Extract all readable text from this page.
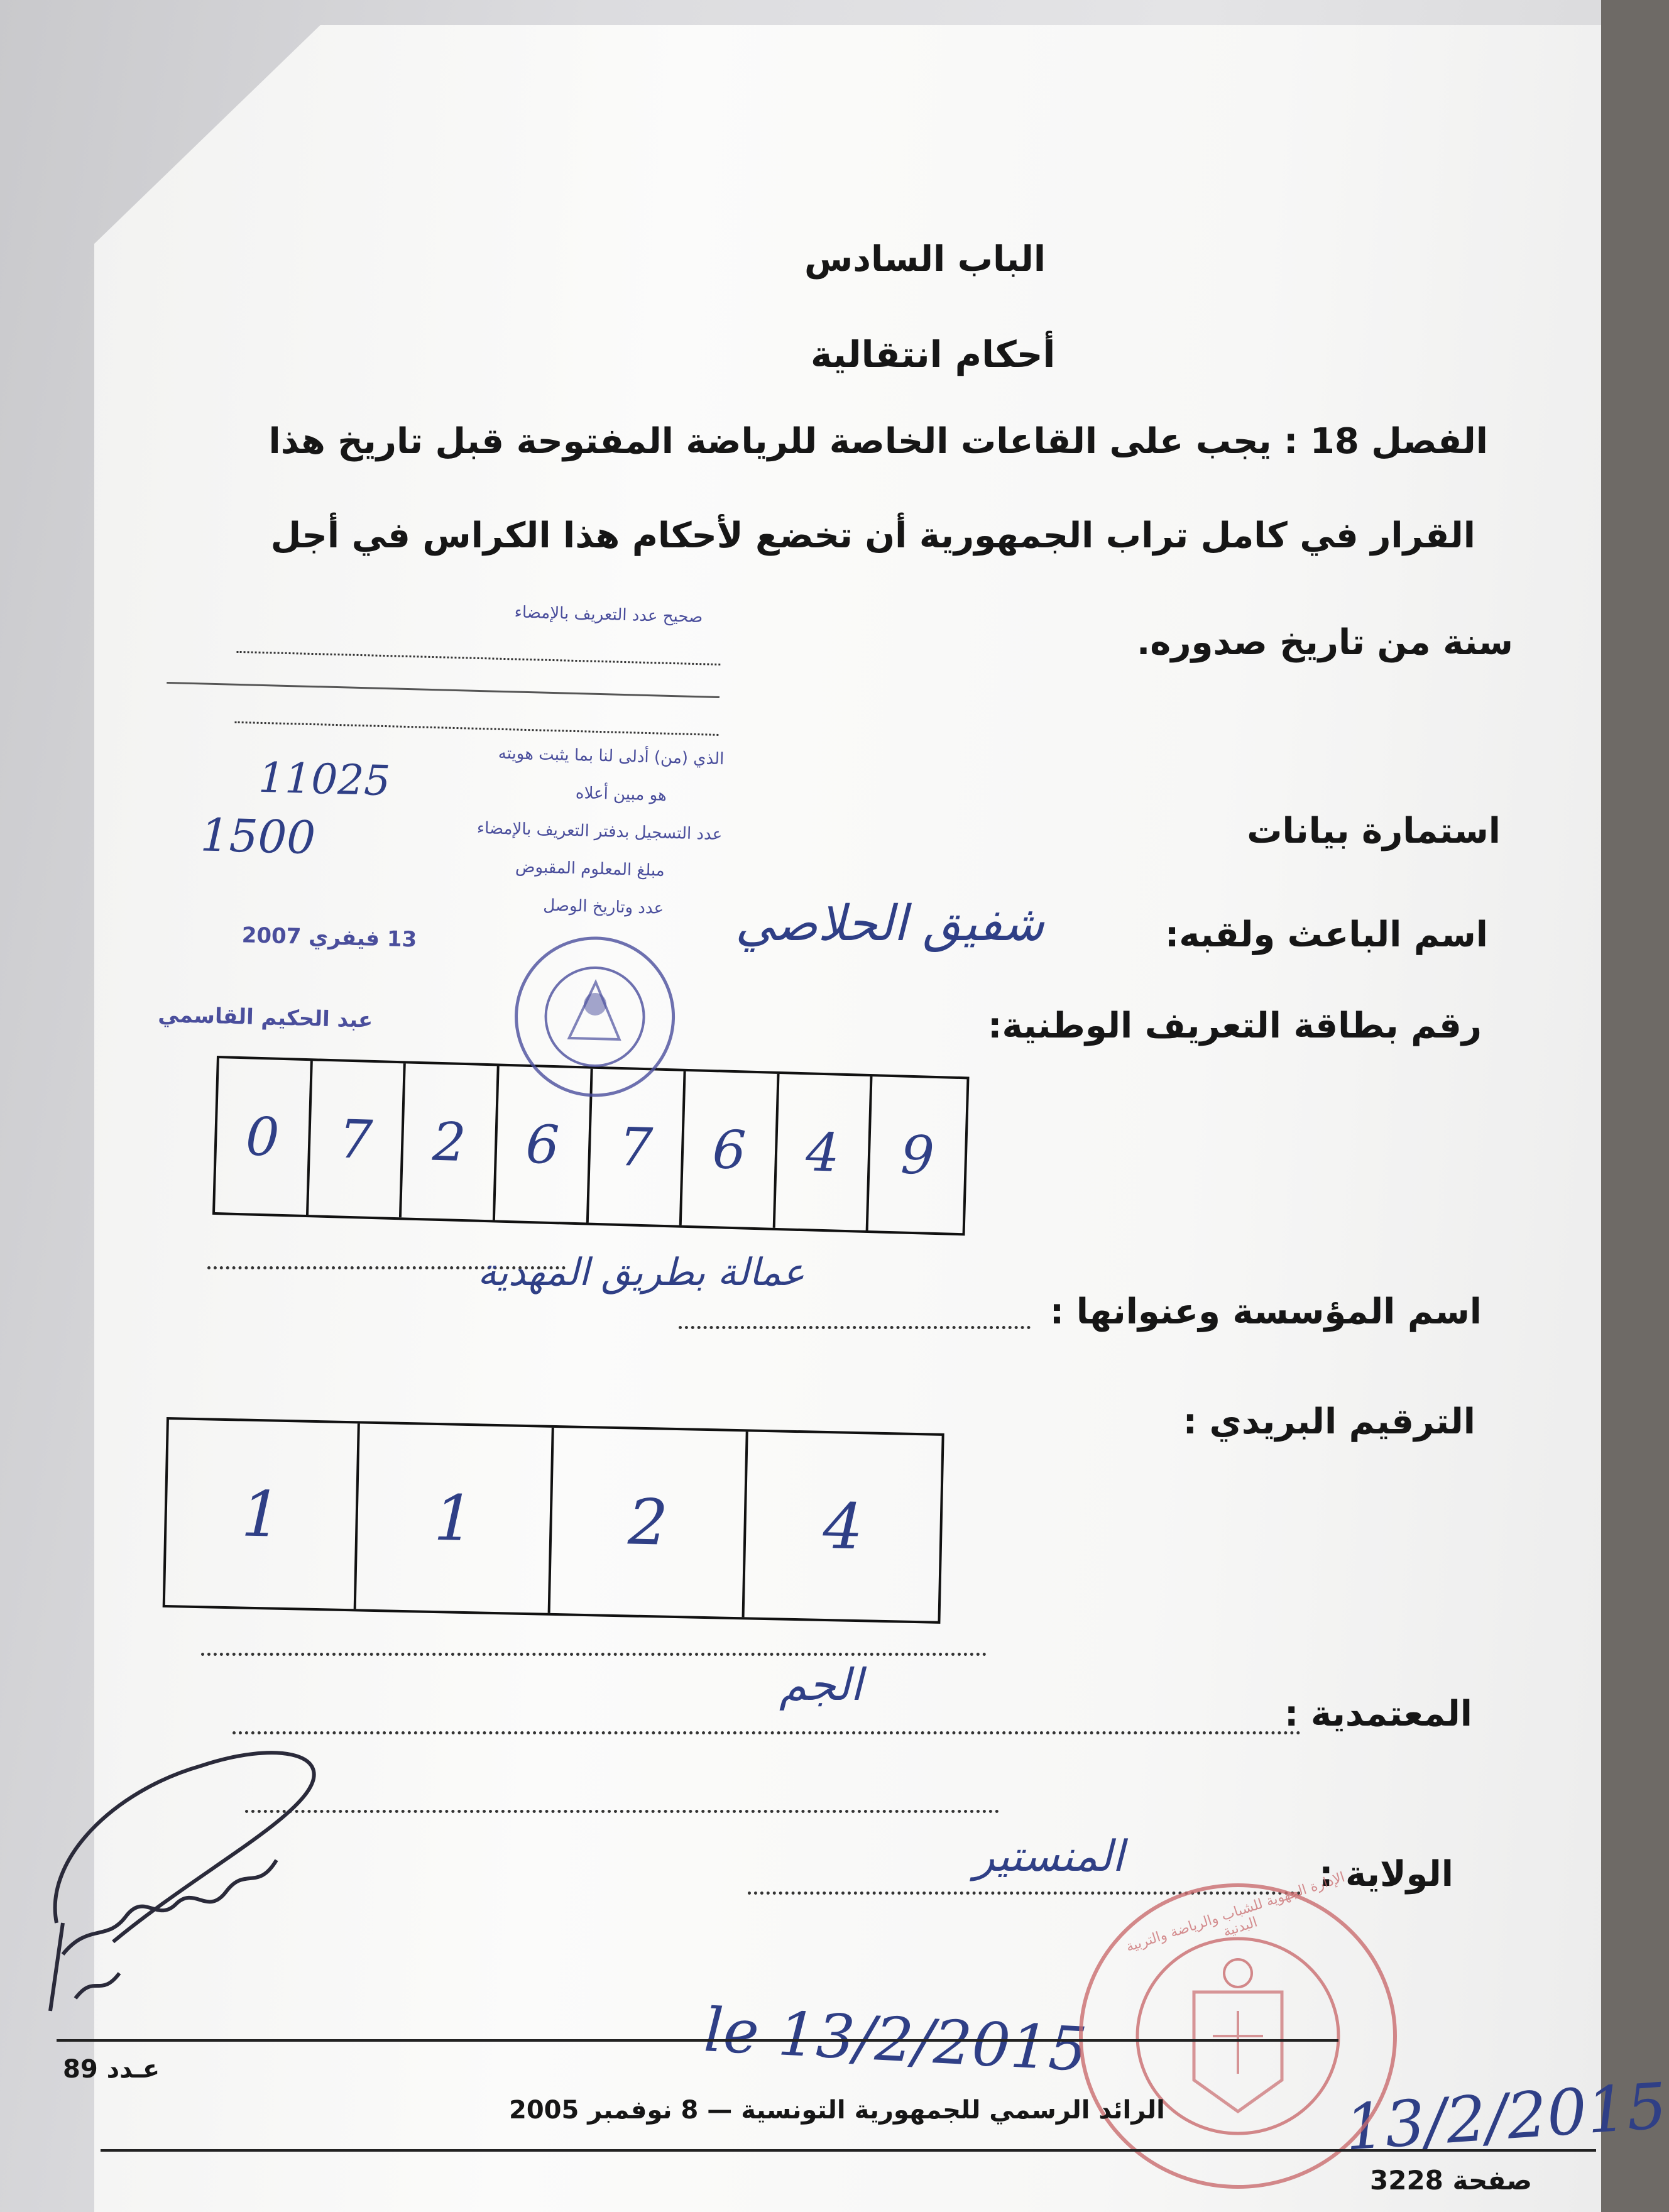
الباب السادس
أحكام انتقالية
الفصل 18 : يجب على القاعات الخاصة للرياضة المفتوحة قبل تاريخ هذا
القرار في كامل تراب الجمهورية أن تخضع لأحكام هذا الكراس في أجل
سنة من تاريخ صدوره.
استمارة بيانات
اسم الباعث ولقبه:
شفيق الحلاصي
رقم بطاقة التعريف الوطنية:
0	7	2	6	7	6	4	9
اسم المؤسسة وعنوانها :
عمالة بطريق المهدية
الترقيم البريدي :
1	1	2	4
المعتمدية :
الجم
الولاية :
المنستير
le 13/2/2015
13/2/2015
صحيح عدد التعريف بالإمضاء
الذي (من) أدلى لنا بما يثبت هويته
هو مبين أعلاه
عدد التسجيل بدفتر التعريف بالإمضاء
مبلغ المعلوم المقبوض
عدد وتاريخ الوصل
13 فيفري 2007
11025
1500
عبد الحكيم القاسمي
الإدارة الجهوية للشباب والرياضة والتربية البدنية
عـدد 89
الرائد الرسمي للجمهورية التونسية — 8 نوفمبر 2005
صفحة 3228
